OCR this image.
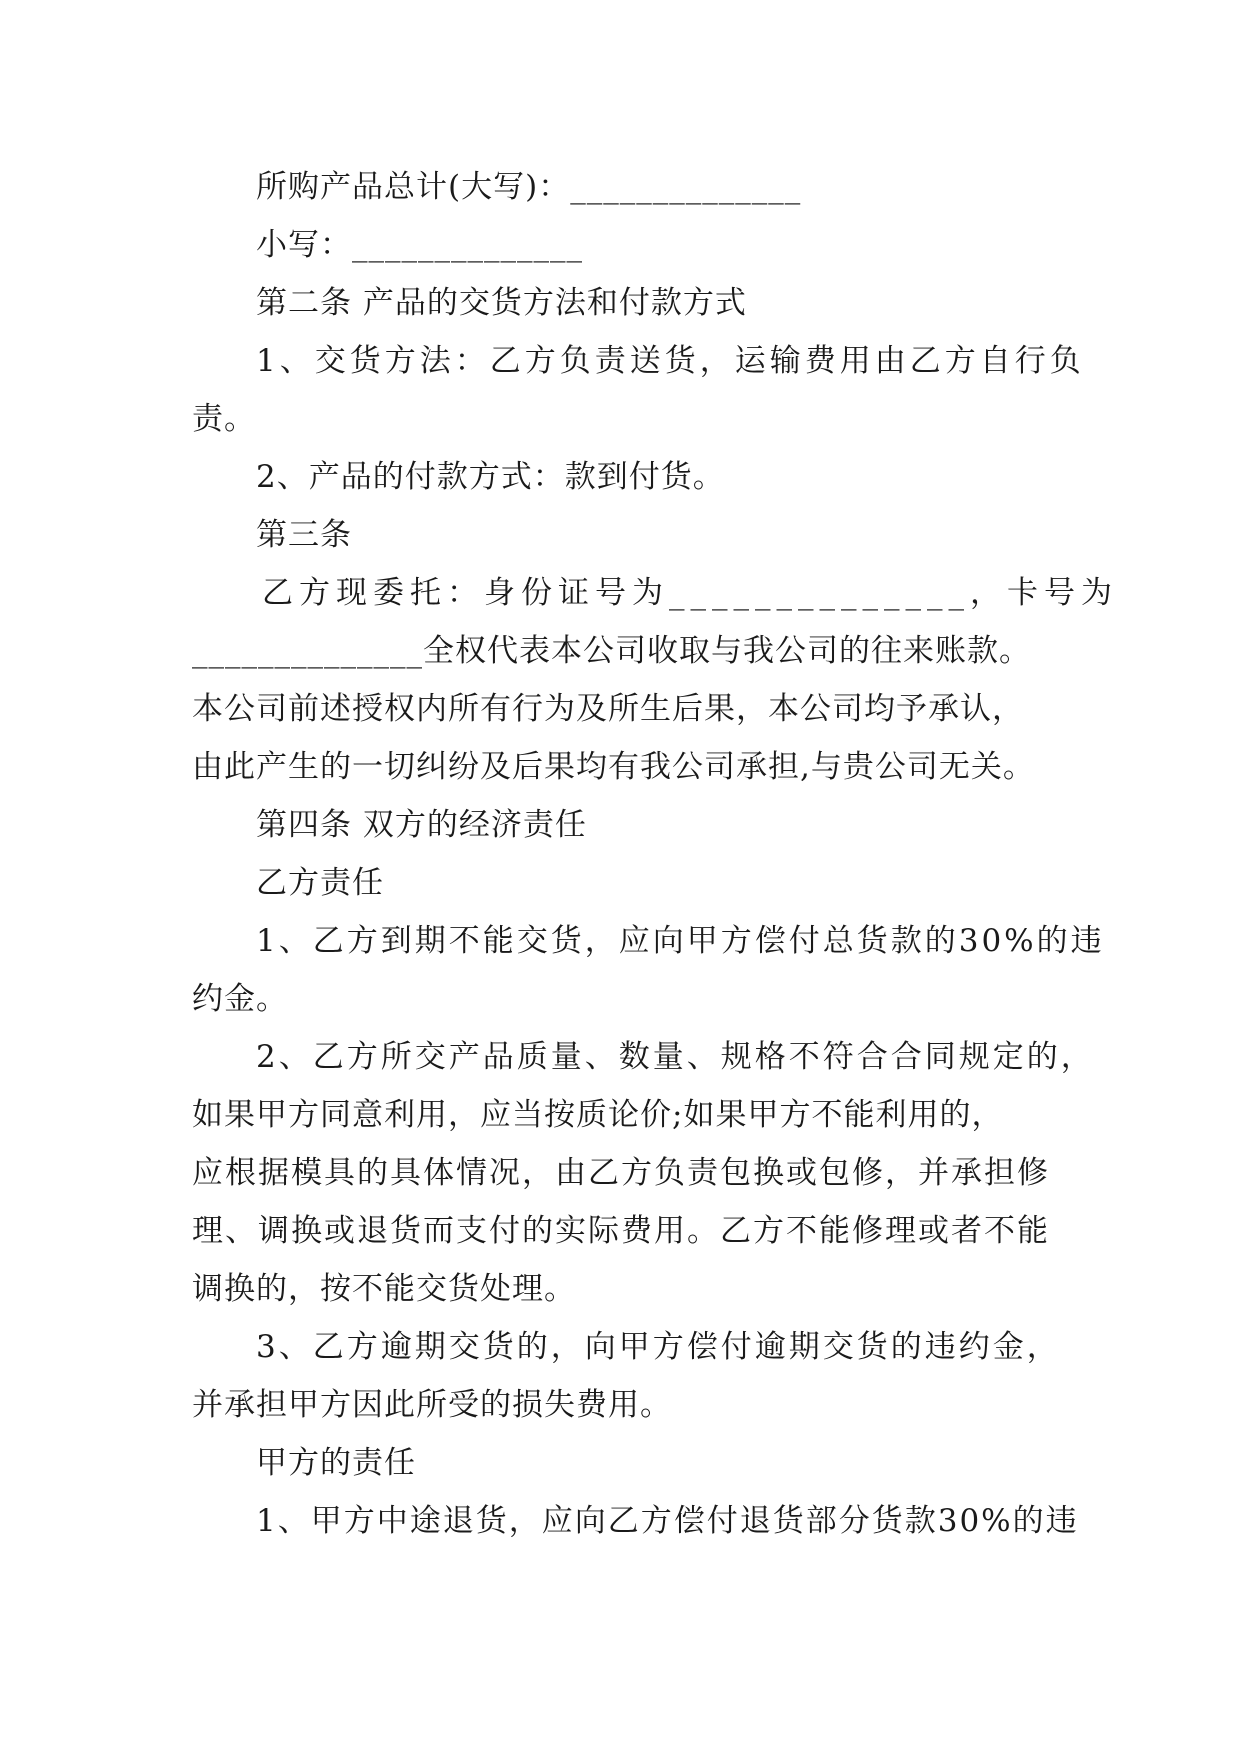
所购产品总计(大写)：______________
小写：______________
第二条 产品的交货方法和付款方式
1、交货方法：乙方负责送货，运输费用由乙方自行负
责。
2、产品的付款方式：款到付货。
第三条
乙方现委托：身份证号为______________，卡号为
______________全权代表本公司收取与我公司的往来账款。
本公司前述授权内所有行为及所生后果，本公司均予承认，
由此产生的一切纠纷及后果均有我公司承担,与贵公司无关。
第四条 双方的经济责任
乙方责任
1、乙方到期不能交货，应向甲方偿付总货款的30%的违
约金。
2、乙方所交产品质量、数量、规格不符合合同规定的，
如果甲方同意利用，应当按质论价;如果甲方不能利用的，
应根据模具的具体情况，由乙方负责包换或包修，并承担修
理、调换或退货而支付的实际费用。乙方不能修理或者不能
调换的，按不能交货处理。
3、乙方逾期交货的，向甲方偿付逾期交货的违约金，
并承担甲方因此所受的损失费用。
甲方的责任
1、甲方中途退货，应向乙方偿付退货部分货款30%的违
